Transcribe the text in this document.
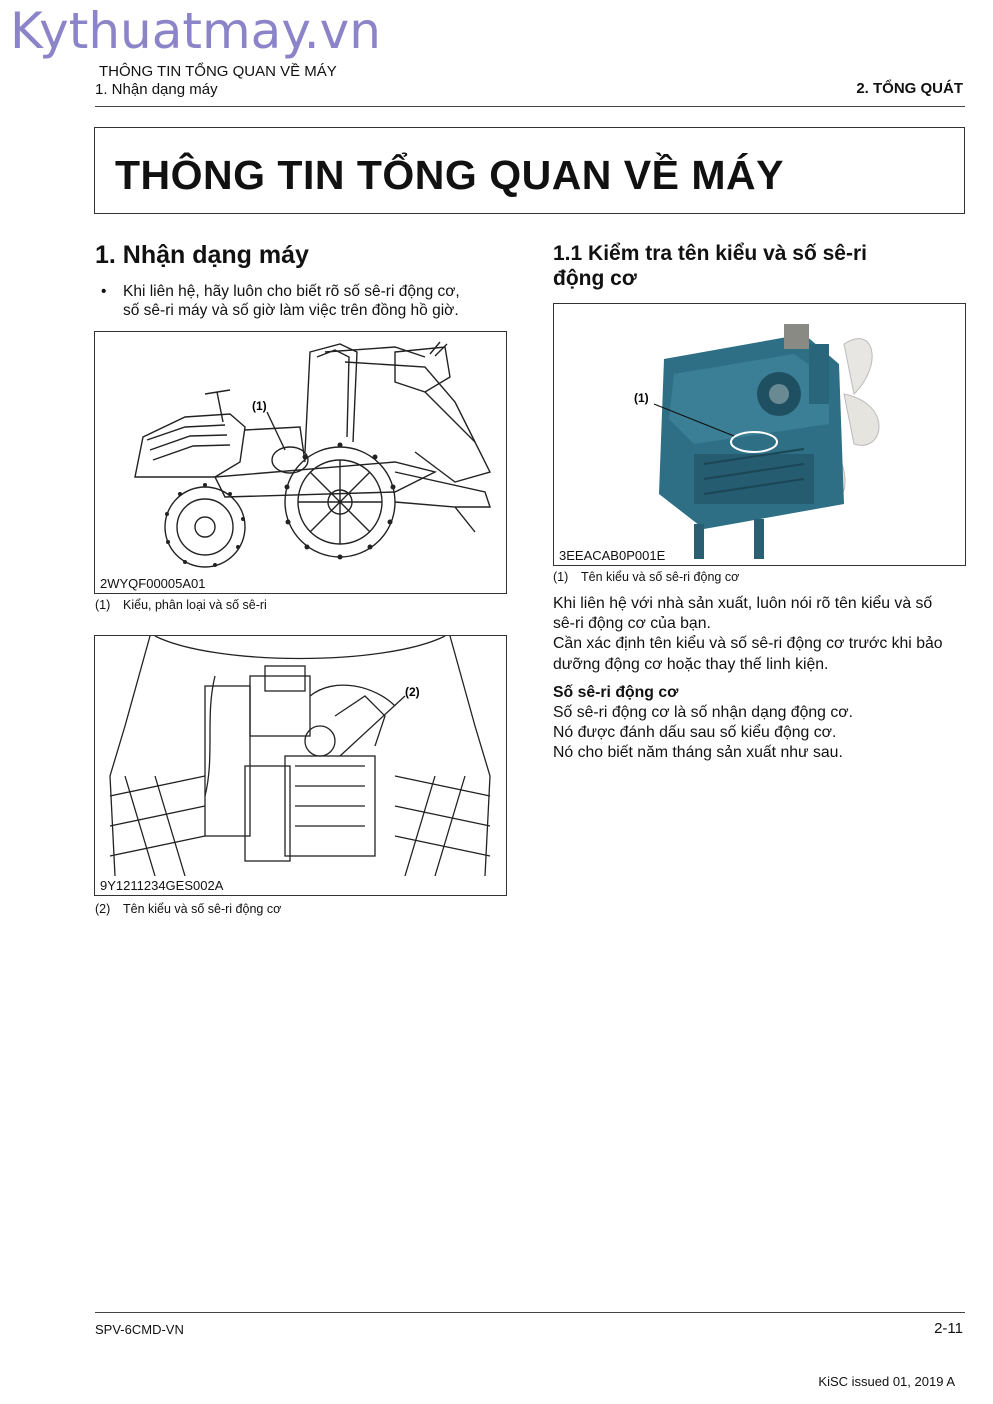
Kythuatmay.vn
THÔNG TIN TỔNG QUAN VỀ MÁY
1. Nhận dạng máy	2. TỔNG QUÁT
THÔNG TIN TỔNG QUAN VỀ MÁY
1. Nhận dạng máy
• Khi liên hệ, hãy luôn cho biết rõ số sê-ri động cơ,
số sê-ri máy và số giờ làm việc trên đồng hồ giờ.
(1)
2WYQF00005A01
(1) Kiểu, phân loại và số sê-ri
(2)
9Y1211234GES002A
(2) Tên kiểu và số sê-ri động cơ
1.1 Kiểm tra tên kiểu và số sê-ri
động cơ
(1)
3EEACAB0P001E
(1) Tên kiểu và số sê-ri động cơ
Khi liên hệ với nhà sản xuất, luôn nói rõ tên kiểu và số
sê-ri động cơ của bạn.
Cần xác định tên kiểu và số sê-ri động cơ trước khi bảo
dưỡng động cơ hoặc thay thế linh kiện.
Số sê-ri động cơ
Số sê-ri động cơ là số nhận dạng động cơ.
Nó được đánh dấu sau số kiểu động cơ.
Nó cho biết năm tháng sản xuất như sau.
SPV-6CMD-VN	2-11
KiSC issued 01, 2019 A
